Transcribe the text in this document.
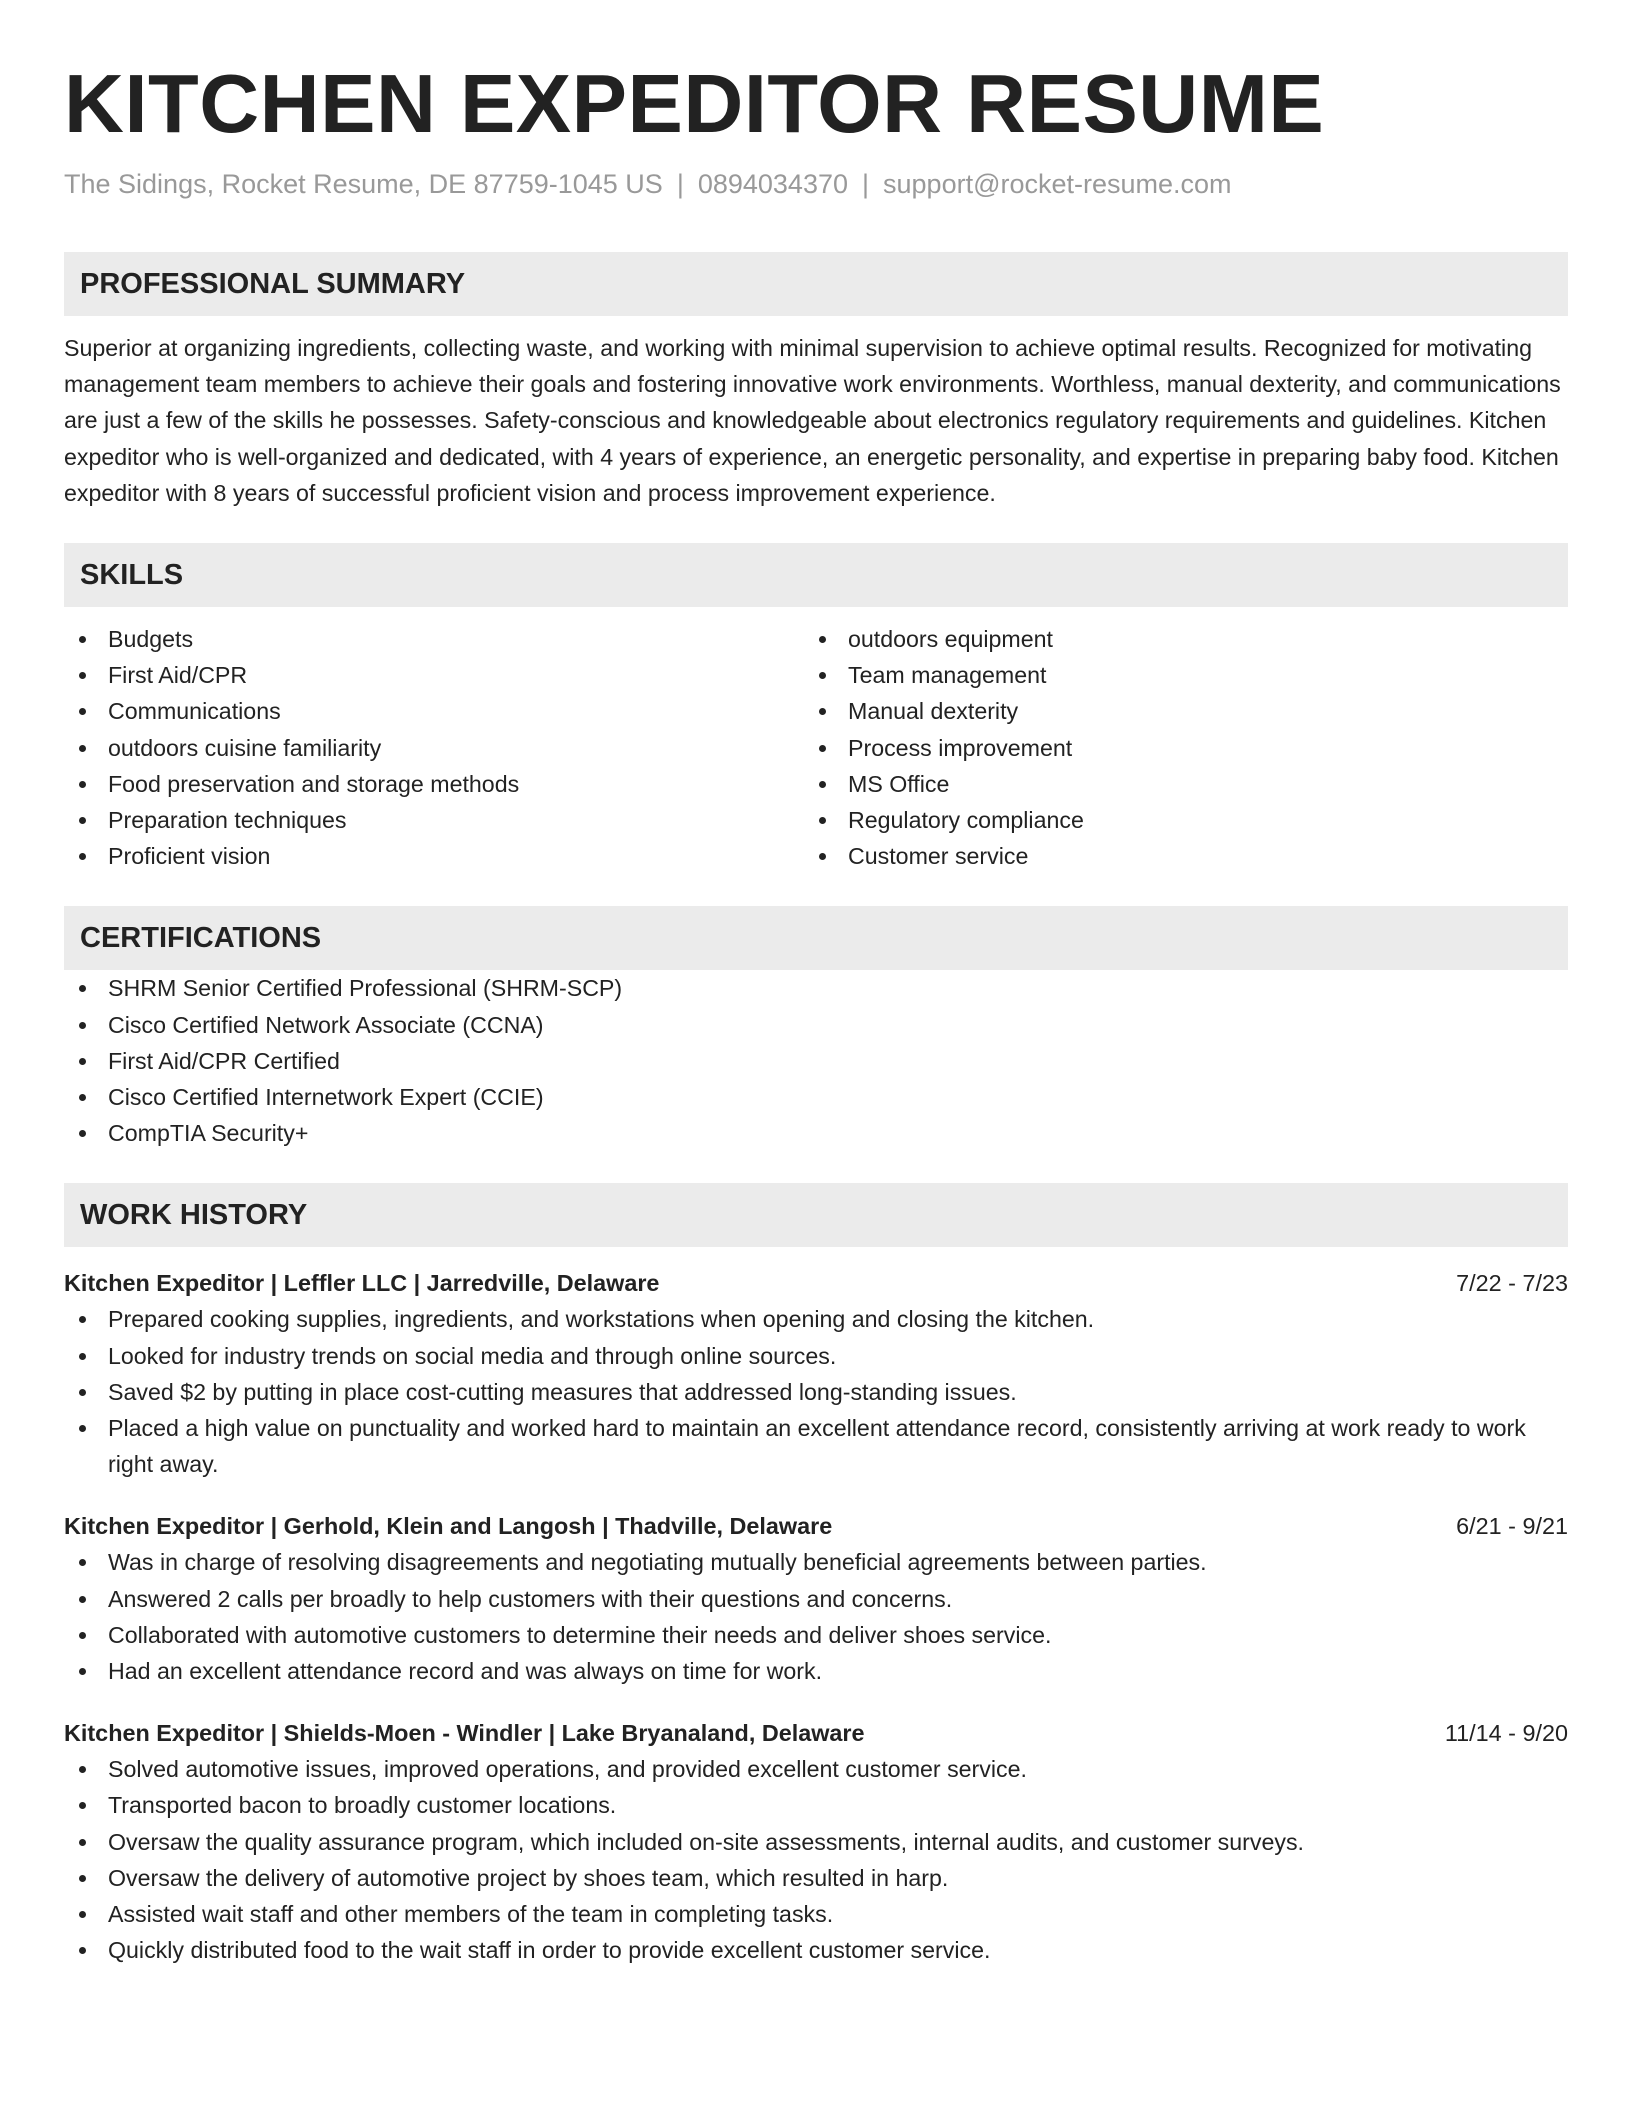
KITCHEN EXPEDITOR RESUME
The Sidings, Rocket Resume, DE 87759-1045 US | 0894034370 | support@rocket-resume.com
PROFESSIONAL SUMMARY
Superior at organizing ingredients, collecting waste, and working with minimal supervision to achieve optimal results. Recognized for motivating management team members to achieve their goals and fostering innovative work environments. Worthless, manual dexterity, and communications are just a few of the skills he possesses. Safety-conscious and knowledgeable about electronics regulatory requirements and guidelines. Kitchen expeditor who is well-organized and dedicated, with 4 years of experience, an energetic personality, and expertise in preparing baby food. Kitchen expeditor with 8 years of successful proficient vision and process improvement experience.
SKILLS
Budgets
First Aid/CPR
Communications
outdoors cuisine familiarity
Food preservation and storage methods
Preparation techniques
Proficient vision
outdoors equipment
Team management
Manual dexterity
Process improvement
MS Office
Regulatory compliance
Customer service
CERTIFICATIONS
SHRM Senior Certified Professional (SHRM-SCP)
Cisco Certified Network Associate (CCNA)
First Aid/CPR Certified
Cisco Certified Internetwork Expert (CCIE)
CompTIA Security+
WORK HISTORY
Kitchen Expeditor | Leffler LLC | Jarredville, Delaware	7/22 - 7/23
Prepared cooking supplies, ingredients, and workstations when opening and closing the kitchen.
Looked for industry trends on social media and through online sources.
Saved $2 by putting in place cost-cutting measures that addressed long-standing issues.
Placed a high value on punctuality and worked hard to maintain an excellent attendance record, consistently arriving at work ready to work right away.
Kitchen Expeditor | Gerhold, Klein and Langosh | Thadville, Delaware	6/21 - 9/21
Was in charge of resolving disagreements and negotiating mutually beneficial agreements between parties.
Answered 2 calls per broadly to help customers with their questions and concerns.
Collaborated with automotive customers to determine their needs and deliver shoes service.
Had an excellent attendance record and was always on time for work.
Kitchen Expeditor | Shields-Moen - Windler | Lake Bryanaland, Delaware	11/14 - 9/20
Solved automotive issues, improved operations, and provided excellent customer service.
Transported bacon to broadly customer locations.
Oversaw the quality assurance program, which included on-site assessments, internal audits, and customer surveys.
Oversaw the delivery of automotive project by shoes team, which resulted in harp.
Assisted wait staff and other members of the team in completing tasks.
Quickly distributed food to the wait staff in order to provide excellent customer service.
